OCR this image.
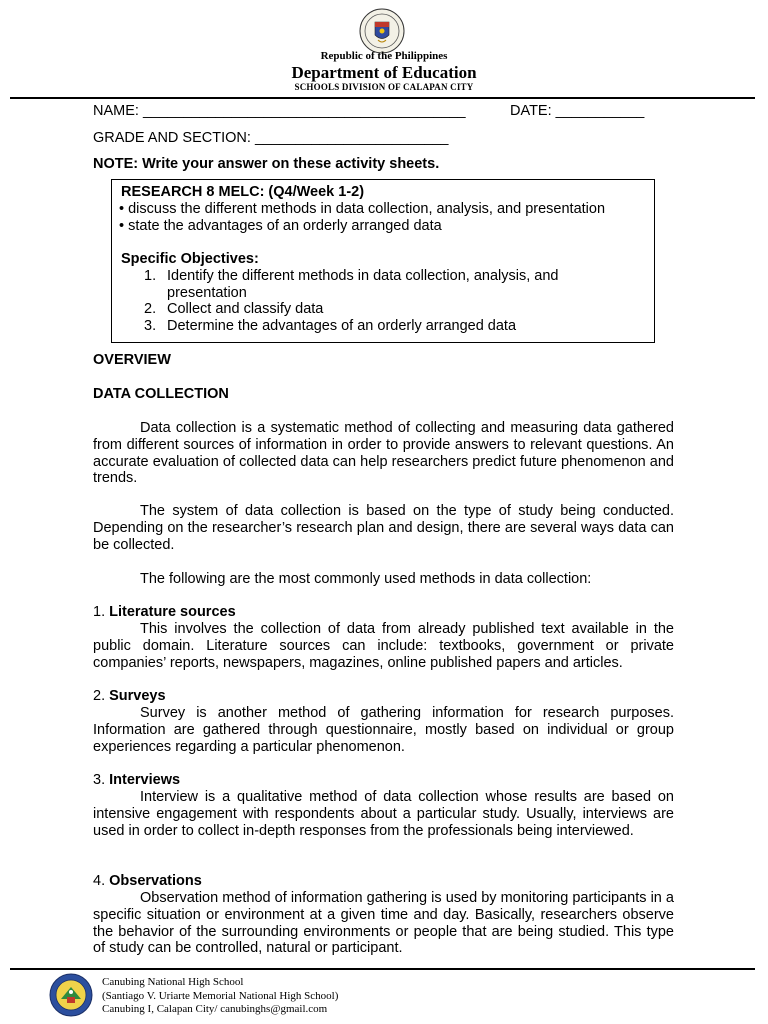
Republic of the Philippines
Department of Education
SCHOOLS DIVISION OF CALAPAN CITY
NAME: ________________________________________	DATE: ___________
GRADE AND SECTION: ________________________
NOTE: Write your answer on these activity sheets.
RESEARCH 8 MELC: (Q4/Week 1-2)
• discuss the different methods in data collection, analysis, and presentation
• state the advantages of an orderly arranged data
Specific Objectives:
1. Identify the different methods in data collection, analysis, and
presentation
2. Collect and classify data
3. Determine the advantages of an orderly arranged data
OVERVIEW
DATA COLLECTION
Data collection is a systematic method of collecting and measuring data gathered from different sources of information in order to provide answers to relevant questions. An accurate evaluation of collected data can help researchers predict future phenomenon and trends.
The system of data collection is based on the type of study being conducted. Depending on the researcher’s research plan and design, there are several ways data can be collected.
The following are the most commonly used methods in data collection:
1. Literature sources
This involves the collection of data from already published text available in the public domain. Literature sources can include: textbooks, government or private companies’ reports, newspapers, magazines, online published papers and articles.
2. Surveys
Survey is another method of gathering information for research purposes. Information are gathered through questionnaire, mostly based on individual or group experiences regarding a particular phenomenon.
3. Interviews
Interview is a qualitative method of data collection whose results are based on intensive engagement with respondents about a particular study. Usually, interviews are used in order to collect in-depth responses from the professionals being interviewed.
4. Observations
Observation method of information gathering is used by monitoring participants in a specific situation or environment at a given time and day. Basically, researchers observe the behavior of the surrounding environments or people that are being studied. This type of study can be controlled, natural or participant.
Canubing National High School
(Santiago V. Uriarte Memorial National High School)
Canubing I, Calapan City/ canubinghs@gmail.com
